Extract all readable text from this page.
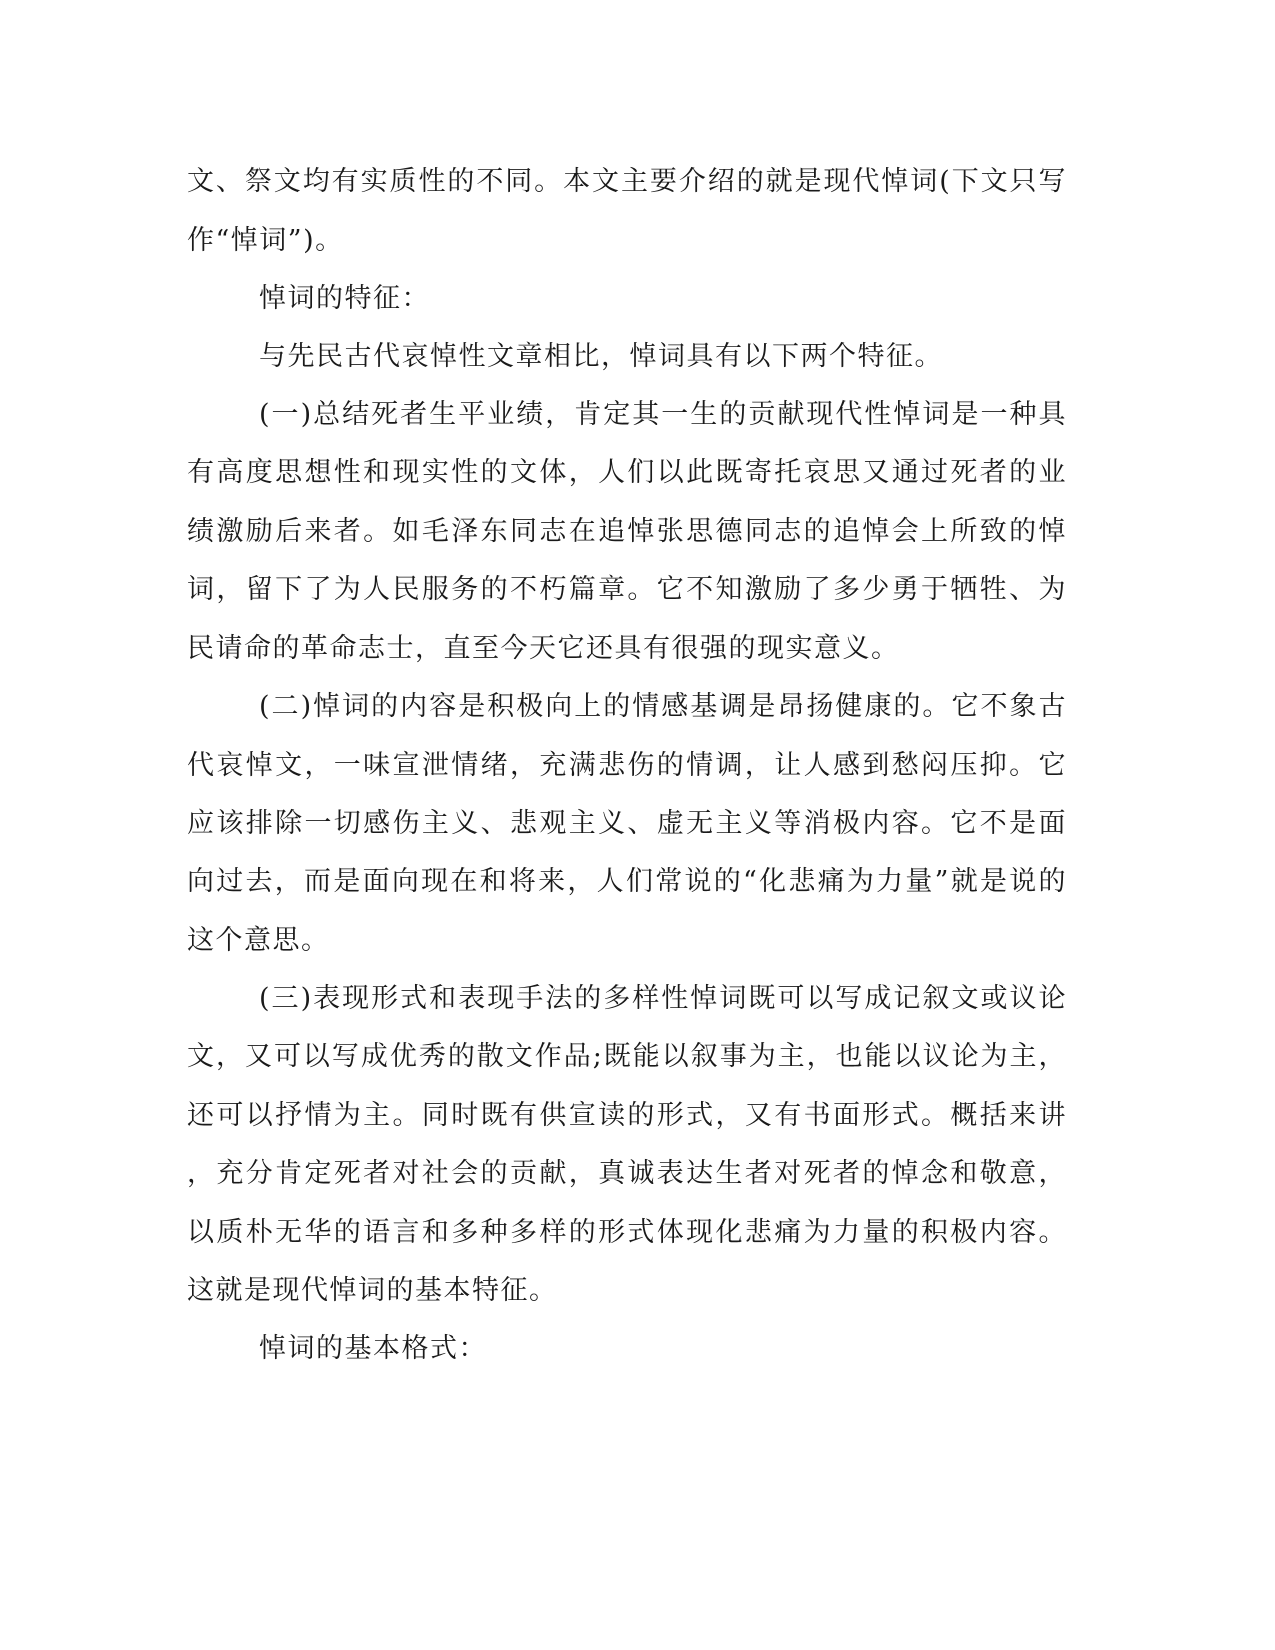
文、祭文均有实质性的不同。本文主要介绍的就是现代悼词(下文只写
作“悼词”)。
悼词的特征：
与先民古代哀悼性文章相比，悼词具有以下两个特征。
(一)总结死者生平业绩，肯定其一生的贡献现代性悼词是一种具
有高度思想性和现实性的文体，人们以此既寄托哀思又通过死者的业
绩激励后来者。如毛泽东同志在追悼张思德同志的追悼会上所致的悼
词，留下了为人民服务的不朽篇章。它不知激励了多少勇于牺牲、为
民请命的革命志士，直至今天它还具有很强的现实意义。
(二)悼词的内容是积极向上的情感基调是昂扬健康的。它不象古
代哀悼文，一味宣泄情绪，充满悲伤的情调，让人感到愁闷压抑。它
应该排除一切感伤主义、悲观主义、虚无主义等消极内容。它不是面
向过去，而是面向现在和将来，人们常说的“化悲痛为力量”就是说的
这个意思。
(三)表现形式和表现手法的多样性悼词既可以写成记叙文或议论
文，又可以写成优秀的散文作品;既能以叙事为主，也能以议论为主，
还可以抒情为主。同时既有供宣读的形式，又有书面形式。概括来讲
，充分肯定死者对社会的贡献，真诚表达生者对死者的悼念和敬意，
以质朴无华的语言和多种多样的形式体现化悲痛为力量的积极内容。
这就是现代悼词的基本特征。
悼词的基本格式：
